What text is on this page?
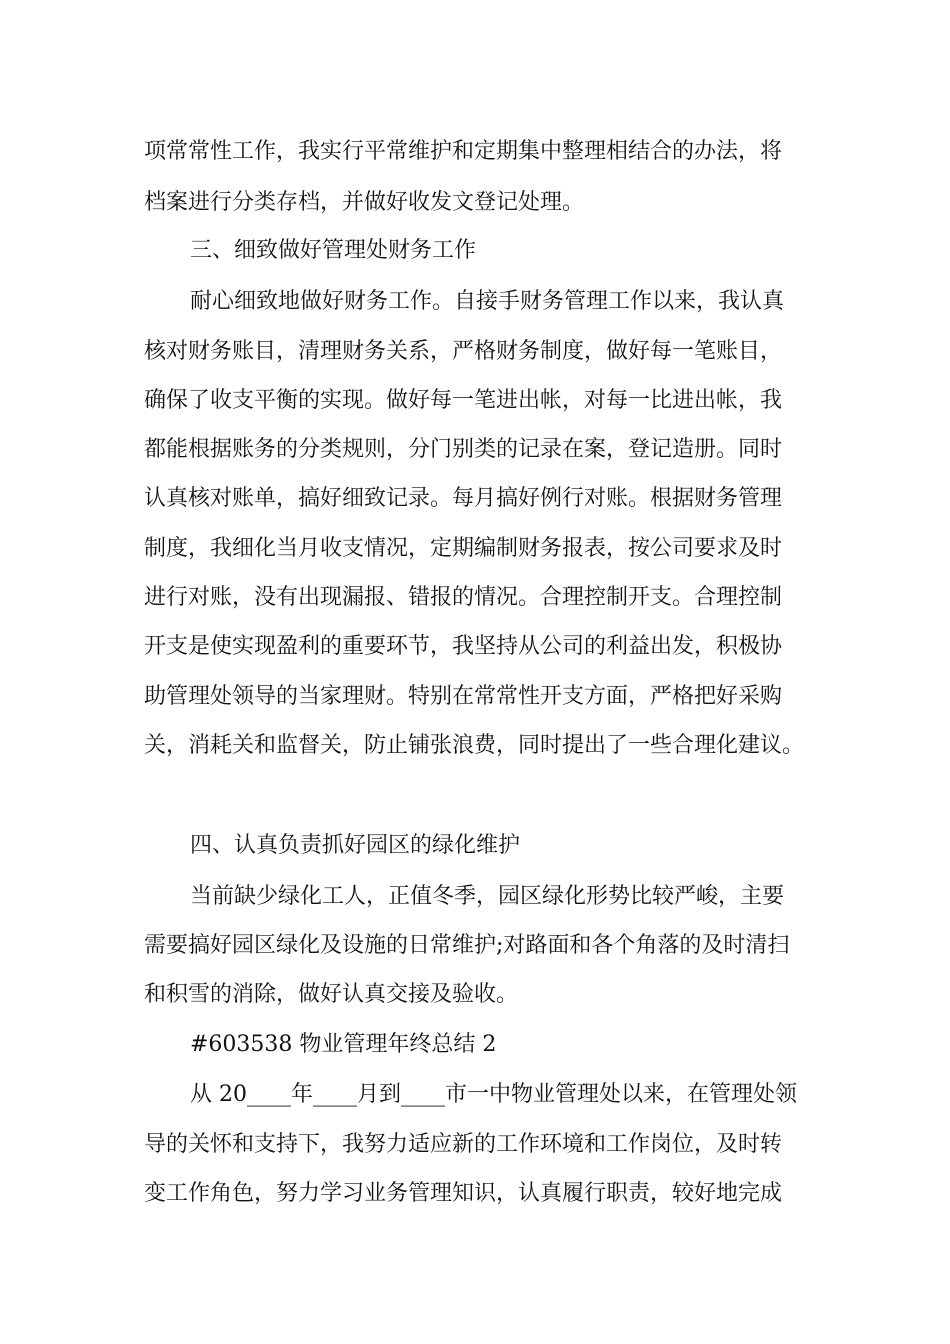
项常常性工作，我实行平常维护和定期集中整理相结合的办法，将

档案进行分类存档，并做好收发文登记处理。

三、细致做好管理处财务工作

耐心细致地做好财务工作。自接手财务管理工作以来，我认真

核对财务账目，清理财务关系，严格财务制度，做好每一笔账目，

确保了收支平衡的实现。做好每一笔进出帐，对每一比进出帐，我

都能根据账务的分类规则，分门别类的记录在案，登记造册。同时

认真核对账单，搞好细致记录。每月搞好例行对账。根据财务管理

制度，我细化当月收支情况，定期编制财务报表，按公司要求及时

进行对账，没有出现漏报、错报的情况。合理控制开支。合理控制

开支是使实现盈利的重要环节，我坚持从公司的利益出发，积极协

助管理处领导的当家理财。特别在常常性开支方面，严格把好采购

关，消耗关和监督关，防止铺张浪费，同时提出了一些合理化建议。

四、认真负责抓好园区的绿化维护

当前缺少绿化工人，正值冬季，园区绿化形势比较严峻，主要

需要搞好园区绿化及设施的日常维护;对路面和各个角落的及时清扫

和积雪的消除，做好认真交接及验收。

#603538 物业管理年终总结 2

从 20____年____月到____市一中物业管理处以来，在管理处领

导的关怀和支持下，我努力适应新的工作环境和工作岗位，及时转

变工作角色，努力学习业务管理知识，认真履行职责，较好地完成
